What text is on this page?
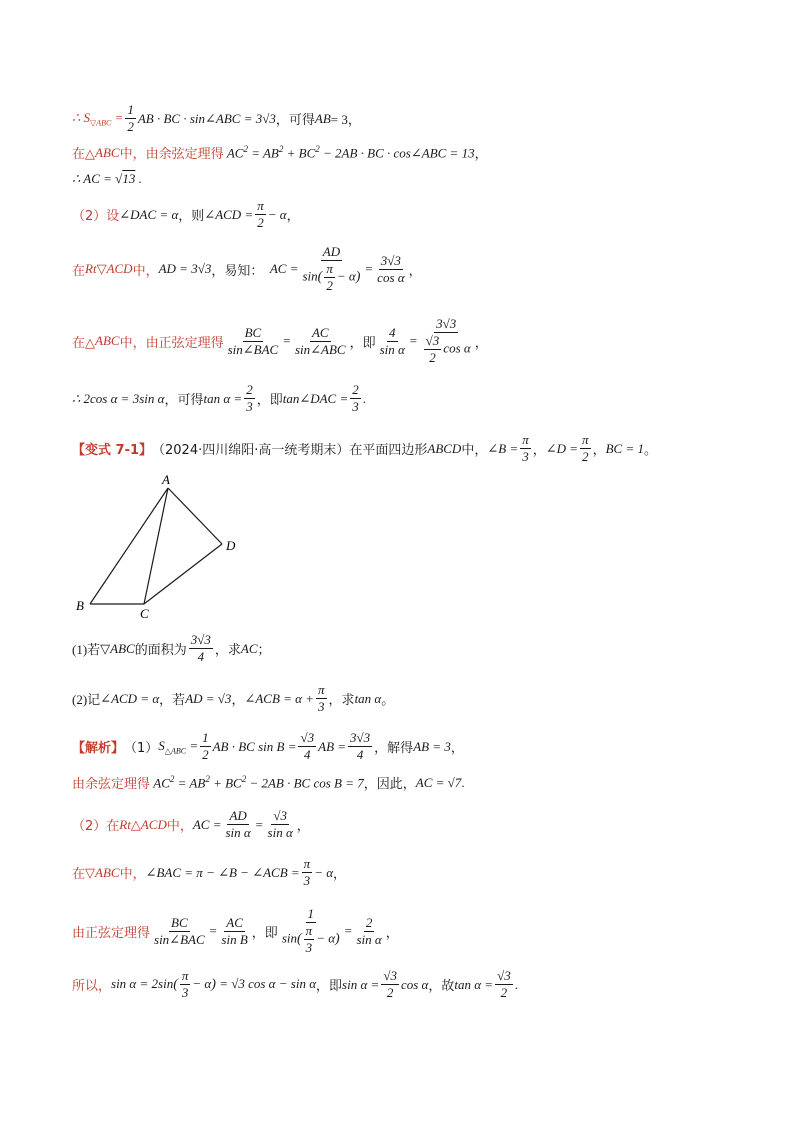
∴ $S_{▽ABC} = \frac{1}{2}$ AB · BC · sin∠ABC = 3√3 ，可得 AB = 3，
在△ ABC 中，由余弦定理得 $AC^2 = AB^2 + BC^2 - 2AB$ · BC · cos∠ABC = 13 ，
∴ AC = √13 .
（2）设 ∠DAC = α ，则 ∠ACD = $\frac{\pi}{2} - \alpha$ ，
在 Rt▽ACD 中， AD = 3√3 ，易知： AC = $\frac{AD}{\sin( \frac{\pi}{2} - \alpha)} = \frac{3√3}{\text{cos α}}$ ，
在△ ABC 中，由正弦定理得 $\frac{BC}{\text{sin∠BAC}} = \frac{AC}{\text{sin∠ABC}}$ ，即 $\frac{4}{\text{sin α}} = \frac{3√3}{\frac{√3}{2} \cos \alpha}$ ，
∴ 2cos α = 3sin α ，可得 $\tan \alpha = \frac{2}{3}$ ，即 tan∠DAC = $\frac{2}{3}$ .
【变式 7-1】 （2024·四川绵阳·高一统考期末）在平面四边形 ABCD 中， ∠B = $\frac{\pi}{3}$ ， ∠D = $\frac{\pi}{2}$ ， BC = 1 。
(1)若 ▽ABC 的面积为 $\frac{3√3}{4}$ ，求 AC ；
(2)记 ∠ACD = α ，若 AD = √3 ， ∠ACB = $\alpha + \frac{\pi}{3}$ ，求 tan α 。
【解析】 （1） $S_{\triangle ABC} = \frac{1}{2}$ AB · BC $\sin B = \frac{√3}{4}$ AB = $\frac{3√3}{4}$ ，解得 AB = 3 ，
由余弦定理得 $AC^2 = AB^2 + BC^2 - 2AB$ · BC cos B = 7 ，因此， AC = √7 .
（2）在 Rt△ACD 中， AC = $\frac{AD}{\text{sin α}} = \frac{√3}{\text{sin α}}$ ，
在 ▽ABC 中， ∠BAC = π − ∠B − ∠ACB = $\frac{\pi}{3} - \alpha$ ，
由正弦定理得 $\frac{BC}{\text{sin∠BAC}} = \frac{AC}{\text{sin B}}$ ，即 $\frac{1}{\sin( \frac{\pi}{3} - \alpha)} = \frac{2}{\text{sin α}}$ ，
所以， $\sin \alpha = 2\sin( \frac{\pi}{3} - \alpha) = √3$ cos α − sin α ，即 $\sin \alpha = \frac{√3}{2}$ cos α ，故 $\tan \alpha = \frac{√3}{2}$ .
A
B
C
D
